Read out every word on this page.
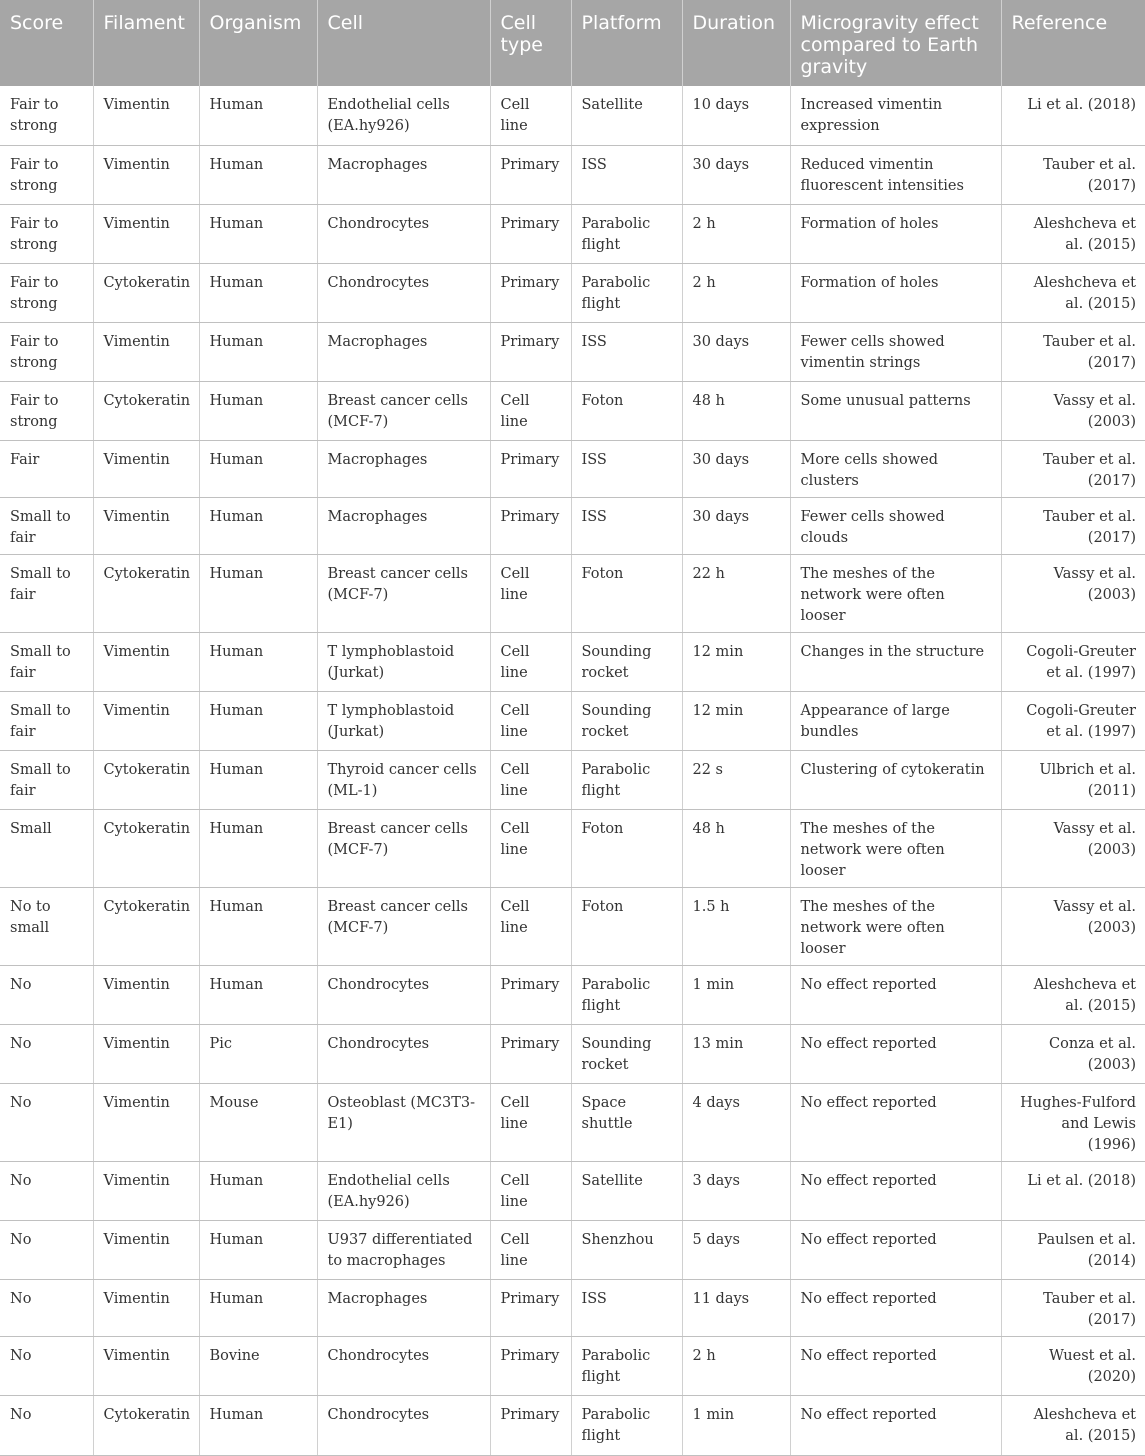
Score	Filament	Organism	Cell	Cell type	Platform	Duration	Microgravity effect compared to Earth gravity	Reference
Fair to strong	Vimentin	Human	Endothelial cells (EA.hy926)	Cell line	Satellite	10 days	Increased vimentin expression	Li et al. (2018)
Fair to strong	Vimentin	Human	Macrophages	Primary	ISS	30 days	Reduced vimentin fluorescent intensities	Tauber et al. (2017)
Fair to strong	Vimentin	Human	Chondrocytes	Primary	Parabolic flight	2 h	Formation of holes	Aleshcheva et al. (2015)
Fair to strong	Cytokeratin	Human	Chondrocytes	Primary	Parabolic flight	2 h	Formation of holes	Aleshcheva et al. (2015)
Fair to strong	Vimentin	Human	Macrophages	Primary	ISS	30 days	Fewer cells showed vimentin strings	Tauber et al. (2017)
Fair to strong	Cytokeratin	Human	Breast cancer cells (MCF-7)	Cell line	Foton	48 h	Some unusual patterns	Vassy et al. (2003)
Fair	Vimentin	Human	Macrophages	Primary	ISS	30 days	More cells showed clusters	Tauber et al. (2017)
Small to fair	Vimentin	Human	Macrophages	Primary	ISS	30 days	Fewer cells showed clouds	Tauber et al. (2017)
Small to fair	Cytokeratin	Human	Breast cancer cells (MCF-7)	Cell line	Foton	22 h	The meshes of the network were often looser	Vassy et al. (2003)
Small to fair	Vimentin	Human	T lymphoblastoid (Jurkat)	Cell line	Sounding rocket	12 min	Changes in the structure	Cogoli-Greuter et al. (1997)
Small to fair	Vimentin	Human	T lymphoblastoid (Jurkat)	Cell line	Sounding rocket	12 min	Appearance of large bundles	Cogoli-Greuter et al. (1997)
Small to fair	Cytokeratin	Human	Thyroid cancer cells (ML-1)	Cell line	Parabolic flight	22 s	Clustering of cytokeratin	Ulbrich et al. (2011)
Small	Cytokeratin	Human	Breast cancer cells (MCF-7)	Cell line	Foton	48 h	The meshes of the network were often looser	Vassy et al. (2003)
No to small	Cytokeratin	Human	Breast cancer cells (MCF-7)	Cell line	Foton	1.5 h	The meshes of the network were often looser	Vassy et al. (2003)
No	Vimentin	Human	Chondrocytes	Primary	Parabolic flight	1 min	No effect reported	Aleshcheva et al. (2015)
No	Vimentin	Pic	Chondrocytes	Primary	Sounding rocket	13 min	No effect reported	Conza et al. (2003)
No	Vimentin	Mouse	Osteoblast (MC3T3-E1)	Cell line	Space shuttle	4 days	No effect reported	Hughes-Fulford and Lewis (1996)
No	Vimentin	Human	Endothelial cells (EA.hy926)	Cell line	Satellite	3 days	No effect reported	Li et al. (2018)
No	Vimentin	Human	U937 differentiated to macrophages	Cell line	Shenzhou	5 days	No effect reported	Paulsen et al. (2014)
No	Vimentin	Human	Macrophages	Primary	ISS	11 days	No effect reported	Tauber et al. (2017)
No	Vimentin	Bovine	Chondrocytes	Primary	Parabolic flight	2 h	No effect reported	Wuest et al. (2020)
No	Cytokeratin	Human	Chondrocytes	Primary	Parabolic flight	1 min	No effect reported	Aleshcheva et al. (2015)
